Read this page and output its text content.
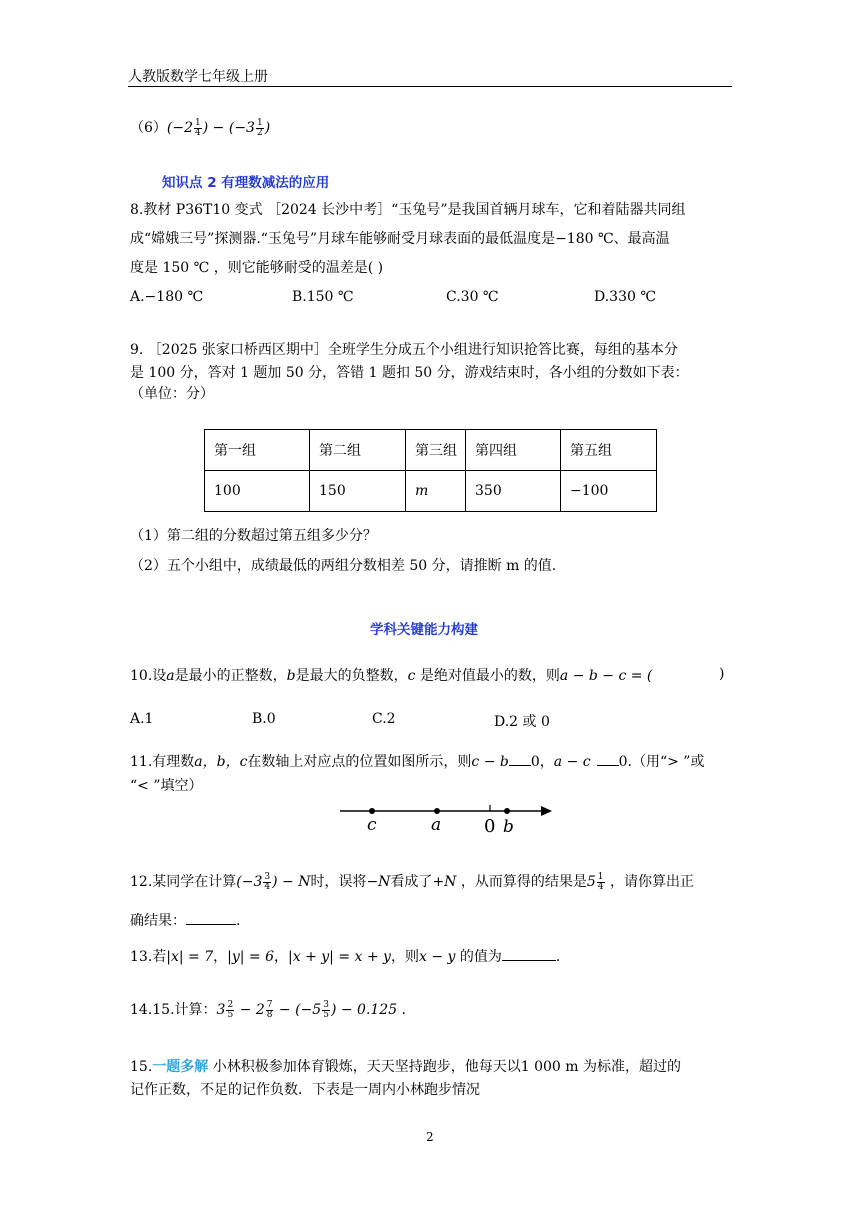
人教版数学七年级上册
$(6)(-2 \frac{1}{4}$ ) − ($-3 \frac{1}{2}$ )
知识点 2 有理数减法的应用
8.教材 P36T10 变式 ［2024 长沙中考］“玉兔号”是我国首辆月球车，它和着陆器共同组
成“嫦娥三号”探测器.“玉兔号”月球车能够耐受月球表面的最低温度是−180 ℃、最高温
度是 150 ℃ ，则它能够耐受的温差是( )
A.−180 ℃	B.150 ℃	C.30 ℃	D.330 ℃
9. ［2025 张家口桥西区期中］全班学生分成五个小组进行知识抢答比赛，每组的基本分
是 100 分，答对 1 题加 50 分，答错 1 题扣 50 分，游戏结束时，各小组的分数如下表：
（单位：分）
第一组	第二组	第三组	第四组	第五组
100	150	m	350	−100
（1）第二组的分数超过第五组多少分？
（2）五个小组中，成绩最低的两组分数相差 50 分，请推断 m 的值.
学科关键能力构建
10.设a是最小的正整数，b是最大的负整数，c 是绝对值最小的数，则a − b − c = (	)
A.1	B.0	C.2	D.2 或 0
11.有理数a，b，c在数轴上对应点的位置如图所示，则c − b 0，a − c 0.（用“> ”或
“< ”填空）
c	a 0 b
12.某同学在计算($-3 \frac{3}{4}$ ) − N时，误将−N看成了+N ，从而算得的结果是$5 \frac{1}{4}$ ，请你算出正
确结果：	.
13.若|x| = 7，|y| = 6，|x + y| = x + y，则x − y 的值为	.
14.15.计算：$3 \frac{2}{5} - 2 \frac{7}{8} - (-5 \frac{3}{5}$ ) − 0.125 .
15.一题多解 小林积极参加体育锻炼，天天坚持跑步，他每天以1 000 m 为标准，超过的
记作正数，不足的记作负数．下表是一周内小林跑步情况
2
